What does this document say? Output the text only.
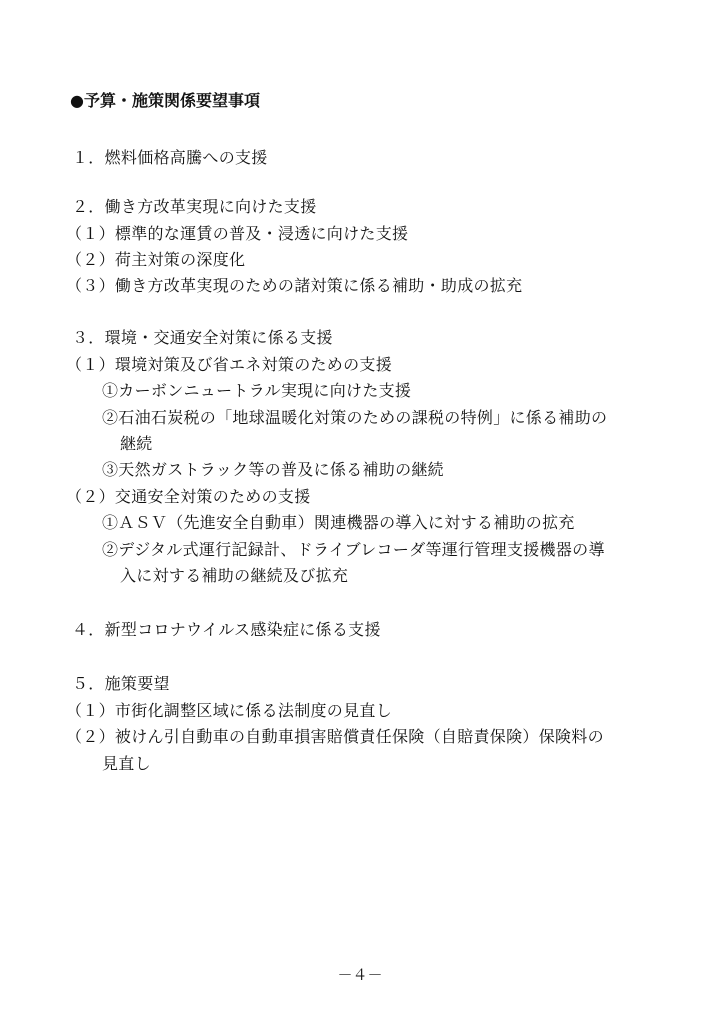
●予算・施策関係要望事項
１．燃料価格高騰への支援
２．働き方改革実現に向けた支援
（１）標準的な運賃の普及・浸透に向けた支援
（２）荷主対策の深度化
（３）働き方改革実現のための諸対策に係る補助・助成の拡充
３．環境・交通安全対策に係る支援
（１）環境対策及び省エネ対策のための支援
①カーボンニュートラル実現に向けた支援
②石油石炭税の「地球温暖化対策のための課税の特例」に係る補助の
継続
③天然ガストラック等の普及に係る補助の継続
（２）交通安全対策のための支援
①ＡＳＶ（先進安全自動車）関連機器の導入に対する補助の拡充
②デジタル式運行記録計、ドライブレコーダ等運行管理支援機器の導
入に対する補助の継続及び拡充
４．新型コロナウイルス感染症に係る支援
５．施策要望
（１）市街化調整区域に係る法制度の見直し
（２）被けん引自動車の自動車損害賠償責任保険（自賠責保険）保険料の
見直し
－４－
